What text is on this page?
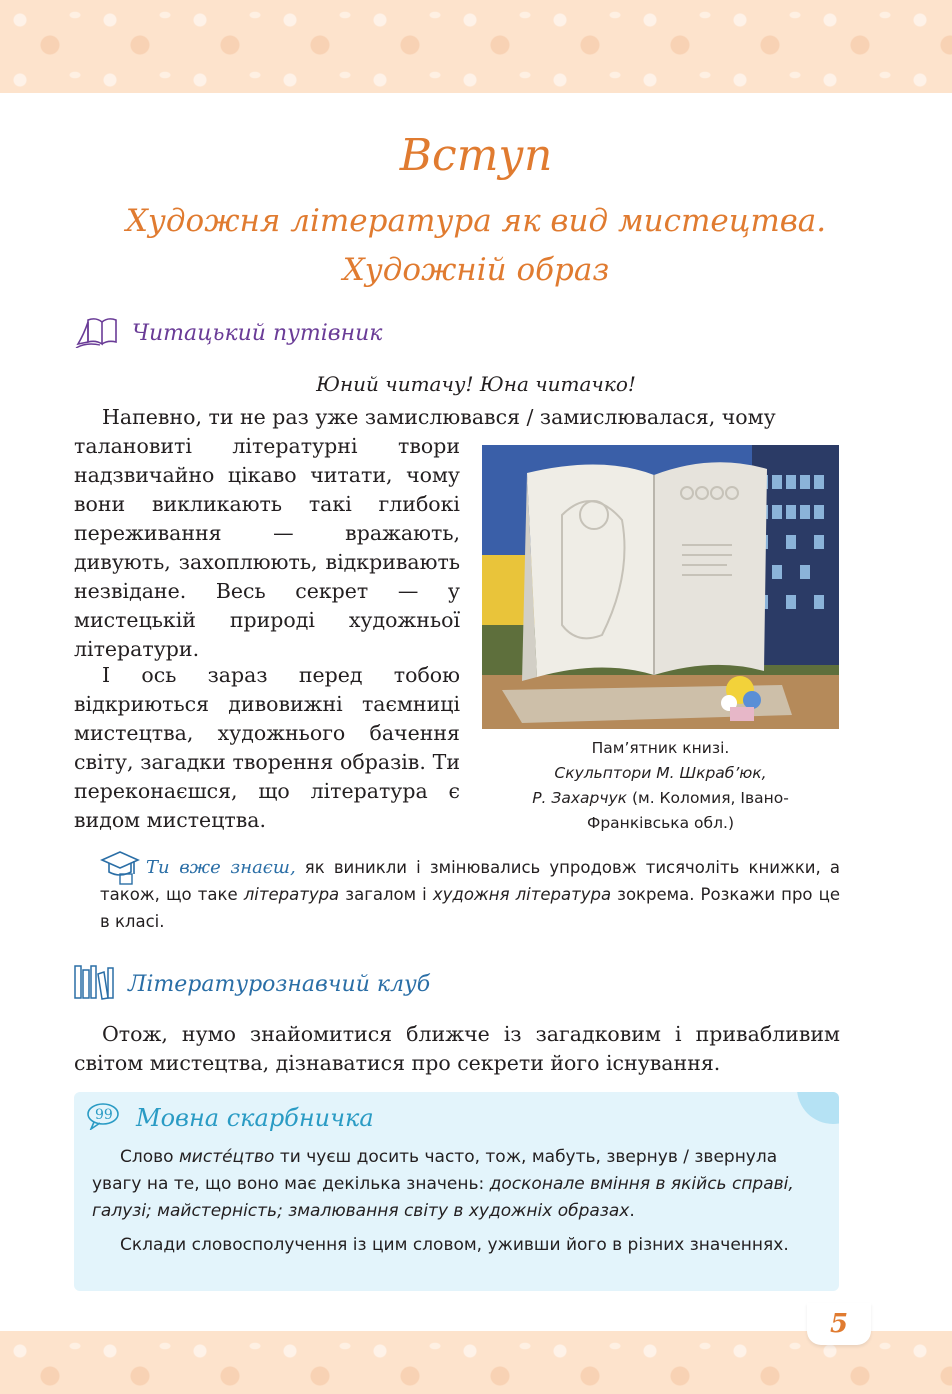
Вступ
Художня література як вид мистецтва.
Художній образ
Читацький путівник

Юний читачу! Юна читачко!

Напевно, ти не раз уже замислювався / замислювалася, чому

талановиті літературні твори надзвичайно цікаво читати, чому вони викликають такі глибокі переживання — вражають, дивують, захоплюють, відкривають незвідане. Весь секрет — у мистецькій природі художньої літератури.

І ось зараз перед тобою відкриються дивовижні таємниці мистецтва, художнього бачення світу, загадки творення образів. Ти переконаєшся, що література є видом мистецтва.

Пам’ятник книзі.
Скульптори М. Шкраб’юк,
Р. Захарчук (м. Коломия, Івано-
Франківська обл.)

Ти вже знаєш, як виникли і змінювались упродовж тисячоліть книжки, а також, що таке література загалом і художня література зокрема. Розкажи про це в класі.

Літературознавчий клуб

Отож, нумо знайомитися ближче із загадковим і привабливим світом мистецтва, дізнаватися про секрети його існування.

99 Мовна скарбничка

Слово мисте́цтво ти чуєш досить часто, тож, мабуть, звернув / звернула увагу на те, що воно має декілька значень: досконале вміння в якійсь справі, галузі; майстерність; змалювання світу в художніх образах.

Склади словосполучення із цим словом, уживши його в різних значеннях.

5
